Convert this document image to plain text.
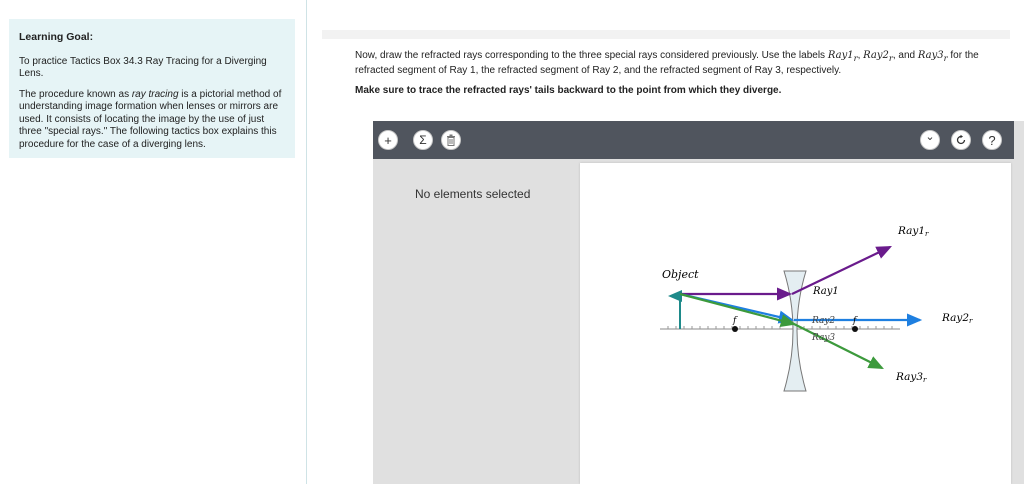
Learning Goal:

To practice Tactics Box 34.3 Ray Tracing for a Diverging Lens.

The procedure known as ray tracing is a pictorial method of understanding image formation when lenses or mirrors are used. It consists of locating the image by the use of just three "special rays." The following tactics box explains this procedure for the case of a diverging lens.

Now, draw the refracted rays corresponding to the three special rays considered previously. Use the labels $Ray1_r$, $Ray2_r$, and $Ray3_r$ for the refracted segment of Ray 1, the refracted segment of Ray 2, and the refracted segment of Ray 3, respectively.
Make sure to trace the refracted rays' tails backward to the point from which they diverge.
+ Σ	⌄	?
No elements selected
Object
Ray1
Ray2
Ray3
f	f
Ray1r
Ray2r
Ray3r
